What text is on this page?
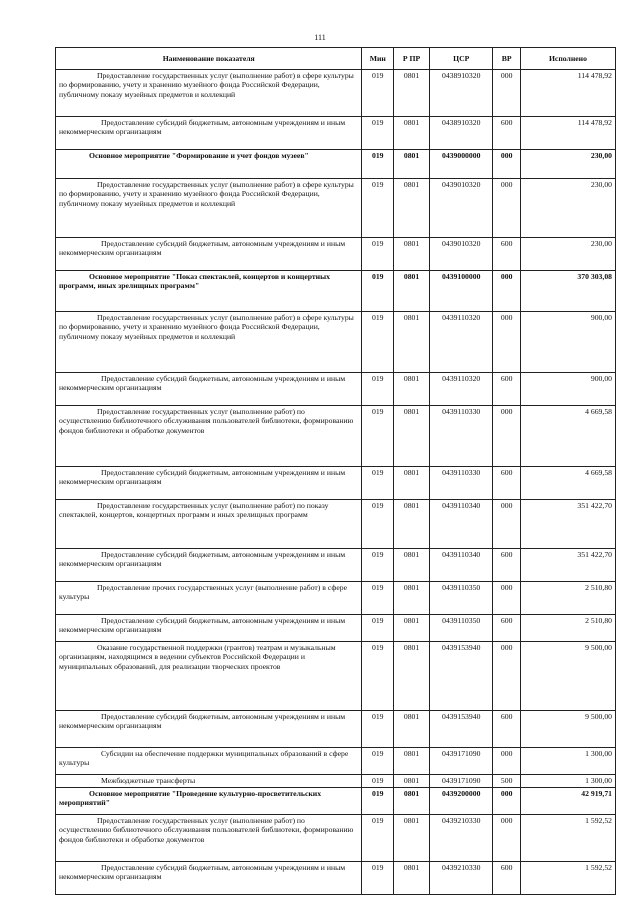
111
Наименование показателя	Мин	Р ПР	ЦСР	ВР	Исполнено
Предоставление государственных услуг (выполнение работ) в сфере культуры по формированию, учету и хранению музейного фонда Российской Федерации, публичному показу музейных предметов и коллекций	019	0801	0438910320	000	114 478,92
Предоставление субсидий бюджетным, автономным учреждениям и иным некоммерческим организациям	019	0801	0438910320	600	114 478,92
Основное мероприятие "Формирование и учет фондов музеев"	019	0801	0439000000	000	230,00
Предоставление государственных услуг (выполнение работ) в сфере культуры по формированию, учету и хранению музейного фонда Российской Федерации, публичному показу музейных предметов и коллекций	019	0801	0439010320	000	230,00
Предоставление субсидий бюджетным, автономным учреждениям и иным некоммерческим организациям	019	0801	0439010320	600	230,00
Основное мероприятие "Показ спектаклей, концертов и концертных программ, иных зрелищных программ"	019	0801	0439100000	000	370 303,08
Предоставление государственных услуг (выполнение работ) в сфере культуры по формированию, учету и хранению музейного фонда Российской Федерации, публичному показу музейных предметов и коллекций	019	0801	0439110320	000	900,00
Предоставление субсидий бюджетным, автономным учреждениям и иным некоммерческим организациям	019	0801	0439110320	600	900,00
Предоставление государственных услуг (выполнение работ) по осуществлению библиотечного обслуживания пользователей библиотеки, формированию фондов библиотеки и обработке документов	019	0801	0439110330	000	4 669,58
Предоставление субсидий бюджетным, автономным учреждениям и иным некоммерческим организациям	019	0801	0439110330	600	4 669,58
Предоставление государственных услуг (выполнение работ) по показу спектаклей, концертов, концертных программ и иных зрелищных программ	019	0801	0439110340	000	351 422,70
Предоставление субсидий бюджетным, автономным учреждениям и иным некоммерческим организациям	019	0801	0439110340	600	351 422,70
Предоставление прочих государственных услуг (выполнение работ) в сфере культуры	019	0801	0439110350	000	2 510,80
Предоставление субсидий бюджетным, автономным учреждениям и иным некоммерческим организациям	019	0801	0439110350	600	2 510,80
Оказание государственной поддержки (грантов) театрам и музыкальным организациям, находящимся в ведении субъектов Российской Федерации и муниципальных образований, для реализации творческих проектов	019	0801	0439153940	000	9 500,00
Предоставление субсидий бюджетным, автономным учреждениям и иным некоммерческим организациям	019	0801	0439153940	600	9 500,00
Субсидии на обеспечение поддержки муниципальных образований в сфере культуры	019	0801	0439171090	000	1 300,00
Межбюджетные трансферты	019	0801	0439171090	500	1 300,00
Основное мероприятие "Проведение культурно-просветительских мероприятий"	019	0801	0439200000	000	42 919,71
Предоставление государственных услуг (выполнение работ) по осуществлению библиотечного обслуживания пользователей библиотеки, формированию фондов библиотеки и обработке документов	019	0801	0439210330	000	1 592,52
Предоставление субсидий бюджетным, автономным учреждениям и иным некоммерческим организациям	019	0801	0439210330	600	1 592,52
